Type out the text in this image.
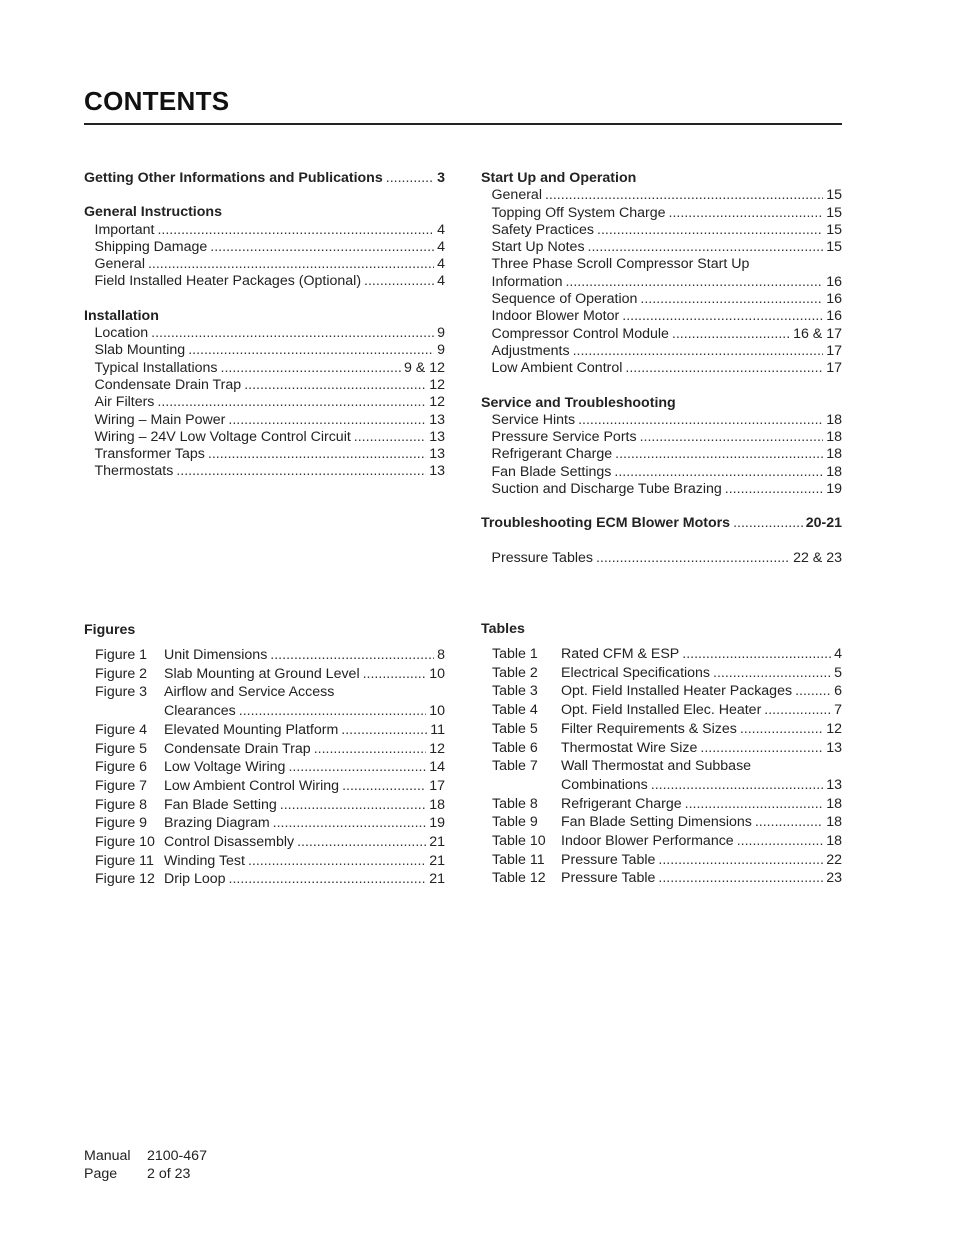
CONTENTS
Getting Other Informations and Publications .....	3
General Instructions
Important .....	4
Shipping Damage .....	4
General .....	4
Field Installed Heater Packages (Optional) .....	4
Installation
Location .....	9
Slab Mounting .....	9
Typical Installations .....	9 & 12
Condensate Drain Trap .....	12
Air Filters .....	12
Wiring – Main Power .....	13
Wiring – 24V Low Voltage Control Circuit .....	13
Transformer Taps .....	13
Thermostats .....	13
Start Up and Operation
General .....	15
Topping Off System Charge .....	15
Safety Practices .....	15
Start Up Notes .....	15
Three Phase Scroll Compressor Start Up
Information .....	16
Sequence of Operation .....	16
Indoor Blower Motor .....	16
Compressor Control Module .....	16 & 17
Adjustments .....	17
Low Ambient Control .....	17
Service and Troubleshooting
Service Hints .....	18
Pressure Service Ports .....	18
Refrigerant Charge .....	18
Fan Blade Settings .....	18
Suction and Discharge Tube Brazing .....	19
Troubleshooting ECM Blower Motors .....	20-21
Pressure Tables .....	22 & 23
Figures
Figure 1	Unit Dimensions .....	8
Figure 2	Slab Mounting at Ground Level .....	10
Figure 3	Airflow and Service Access
Clearances .....	10
Figure 4	Elevated Mounting Platform .....	11
Figure 5	Condensate Drain Trap .....	12
Figure 6	Low Voltage Wiring .....	14
Figure 7	Low Ambient Control Wiring .....	17
Figure 8	Fan Blade Setting .....	18
Figure 9	Brazing Diagram .....	19
Figure 10 Control Disassembly .....	21
Figure 11 Winding Test .....	21
Figure 12 Drip Loop .....	21
Tables
Table 1	Rated CFM & ESP .....	4
Table 2	Electrical Specifications .....	5
Table 3	Opt. Field Installed Heater Packages .....	6
Table 4	Opt. Field Installed Elec. Heater .....	7
Table 5	Filter Requirements & Sizes .....	12
Table 6	Thermostat Wire Size .....	13
Table 7	Wall Thermostat and Subbase
Combinations .....	13
Table 8	Refrigerant Charge .....	18
Table 9	Fan Blade Setting Dimensions .....	18
Table 10	Indoor Blower Performance .....	18
Table 11	Pressure Table .....	22
Table 12	Pressure Table .....	23
Manual	2100-467
Page	2 of 23
